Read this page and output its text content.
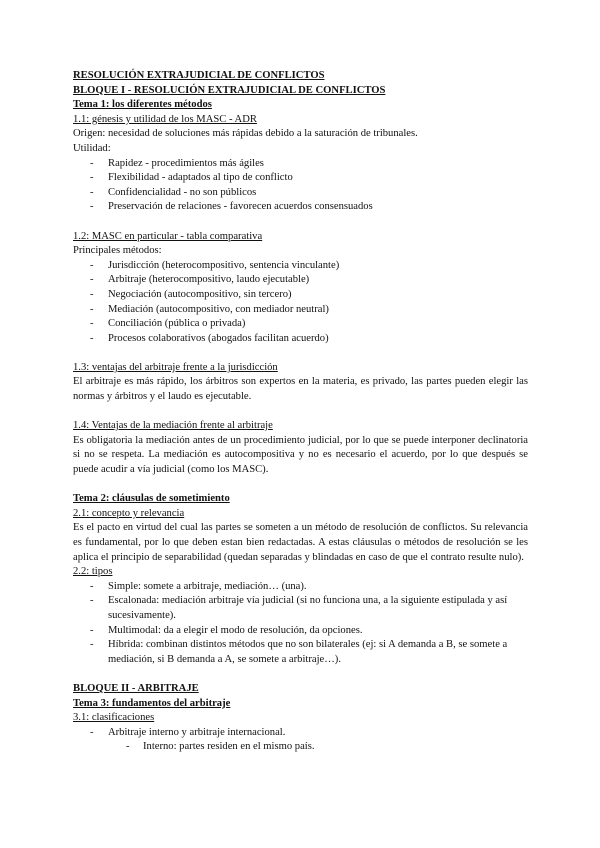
RESOLUCIÓN EXTRAJUDICIAL DE CONFLICTOS
BLOQUE I - RESOLUCIÓN EXTRAJUDICIAL DE CONFLICTOS
Tema 1: los diferentes métodos
1.1: génesis y utilidad de los MASC - ADR
Origen: necesidad de soluciones más rápidas debido a la saturación de tribunales.
Utilidad:
- Rapidez - procedimientos más ágiles
- Flexibilidad - adaptados al tipo de conflicto
- Confidencialidad - no son públicos
- Preservación de relaciones - favorecen acuerdos consensuados
1.2: MASC en particular - tabla comparativa
Principales métodos:
- Jurisdicción (heterocompositivo, sentencia vinculante)
- Arbitraje (heterocompositivo, laudo ejecutable)
- Negociación (autocompositivo, sin tercero)
- Mediación (autocompositivo, con mediador neutral)
- Conciliación (pública o privada)
- Procesos colaborativos (abogados facilitan acuerdo)
1.3: ventajas del arbitraje frente a la jurisdicción
El arbitraje es más rápido, los árbitros son expertos en la materia, es privado, las partes pueden elegir las normas y árbitros y el laudo es ejecutable.
1.4: Ventajas de la mediación frente al arbitraje
Es obligatoria la mediación antes de un procedimiento judicial, por lo que se puede interponer declinatoria si no se respeta. La mediación es autocompositiva y no es necesario el acuerdo, por lo que después se puede acudir a vía judicial (como los MASC).
Tema 2: cláusulas de sometimiento
2.1: concepto y relevancia
Es el pacto en virtud del cual las partes se someten a un método de resolución de conflictos. Su relevancia es fundamental, por lo que deben estan bien redactadas. A estas cláusulas o métodos de resolución se les aplica el principio de separabilidad (quedan separadas y blindadas en caso de que el contrato resulte nulo).
2.2: tipos
- Simple: somete a arbitraje, mediación… (una).
- Escalonada: mediación arbitraje vía judicial (si no funciona una, a la siguiente estipulada y así sucesivamente).
- Multimodal: da a elegir el modo de resolución, da opciones.
- Híbrida: combinan distintos métodos que no son bilaterales (ej: si A demanda a B, se somete a mediación, si B demanda a A, se somete a arbitraje…).
BLOQUE II - ARBITRAJE
Tema 3: fundamentos del arbitraje
3.1: clasificaciones
- Arbitraje interno y arbitraje internacional.
- Interno: partes residen en el mismo país.
